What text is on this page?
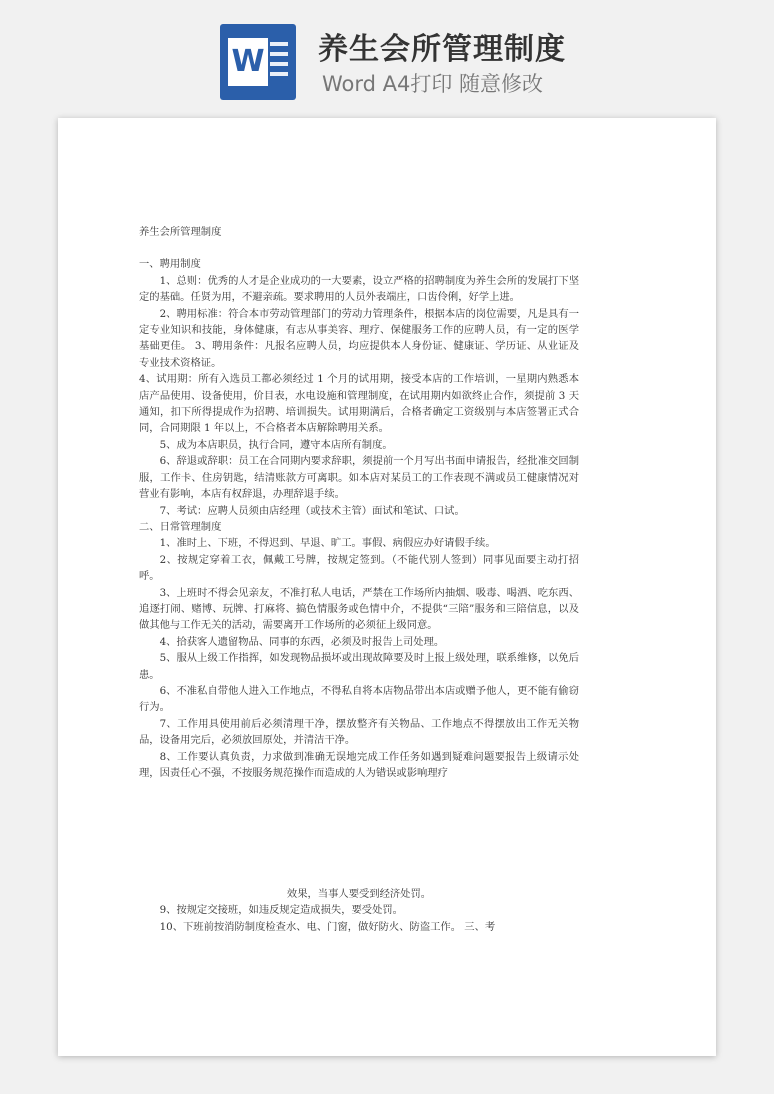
W 养生会所管理制度
Word A4打印 随意修改
​

养生会所管理制度

一、聘用制度

1、总则：优秀的人才是企业成功的一大要素，设立严格的招聘制度为养生会所的发展打下坚定的基础。任贤为用，不避亲疏。要求聘用的人员外表端庄，口齿伶俐，好学上进。

2、聘用标准：符合本市劳动管理部门的劳动力管理条件，根据本店的岗位需要，凡是具有一定专业知识和技能，身体健康，有志从事美容、理疗、保健服务工作的应聘人员，有一定的医学基础更佳。 3、聘用条件：凡报名应聘人员，均应提供本人身份证、健康证、学历证、从业证及专业技术资格证。

4、试用期：所有入选员工都必须经过 1 个月的试用期，接受本店的工作培训，一星期内熟悉本店产品使用、设备使用，价目表，水电设施和管理制度，在试用期内如欲终止合作，须提前 3 天通知，扣下所得提成作为招聘、培训损失。试用期满后，合格者确定工资级别与本店签署正式合同，合同期限 1 年以上，不合格者本店解除聘用关系。

5、成为本店职员，执行合同，遵守本店所有制度。

6、辞退或辞职：员工在合同期内要求辞职，须提前一个月写出书面申请报告，经批准交回制服，工作卡、住房钥匙，结清账款方可离职。如本店对某员工的工作表现不满或员工健康情况对营业有影响，本店有权辞退，办理辞退手续。

7、考试：应聘人员须由店经理（或技术主管）面试和笔试、口试。

二、日常管理制度

1、准时上、下班，不得迟到、早退、旷工。事假、病假应办好请假手续。

2、按规定穿着工衣，佩戴工号牌，按规定签到。（不能代别人签到）同事见面要主动打招呼。

3、上班时不得会见亲友，不准打私人电话，严禁在工作场所内抽烟、吸毒、喝酒、吃东西、追逐打闹、赌博、玩牌、打麻将、搞色情服务或色情中介，不提供“三陪”服务和三陪信息，以及做其他与工作无关的活动，需要离开工作场所的必须征上级同意。

4、拾获客人遗留物品、同事的东西，必须及时报告上司处理。

5、服从上级工作指挥，如发现物品损坏或出现故障要及时上报上级处理，联系维修，以免后患。

6、不准私自带他人进入工作地点，不得私自将本店物品带出本店或赠予他人，更不能有偷窃行为。

7、工作用具使用前后必须清理干净，摆放整齐有关物品、工作地点不得摆放出工作无关物品，设备用完后，必须放回原处，并清洁干净。

8、工作要认真负责，力求做到准确无误地完成工作任务如遇到疑难问题要报告上级请示处理，因责任心不强，不按服务规范操作而造成的人为错误或影响理疗

效果，当事人要受到经济处罚。

9、按规定交接班，如违反规定造成损失，要受处罚。

10、下班前按消防制度检查水、电、门窗，做好防火、防盗工作。 三、考
